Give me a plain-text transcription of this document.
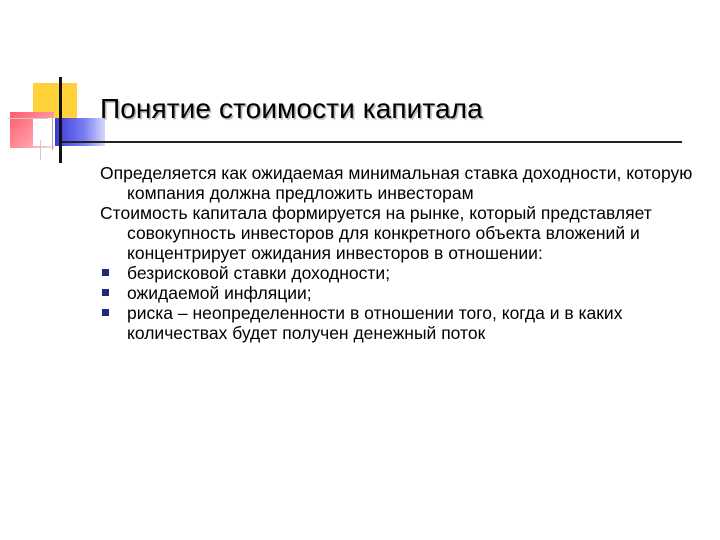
Понятие стоимости капитала

Определяется как ожидаемая минимальная ставка доходности, которую компания должна предложить инвесторам

Стоимость капитала формируется на рынке, который представляет совокупность инвесторов для конкретного объекта вложений и концентрирует ожидания инвесторов в отношении:

безрисковой ставки доходности;
ожидаемой инфляции;
риска – неопределенности в отношении того, когда и в каких количествах будет получен денежный поток
